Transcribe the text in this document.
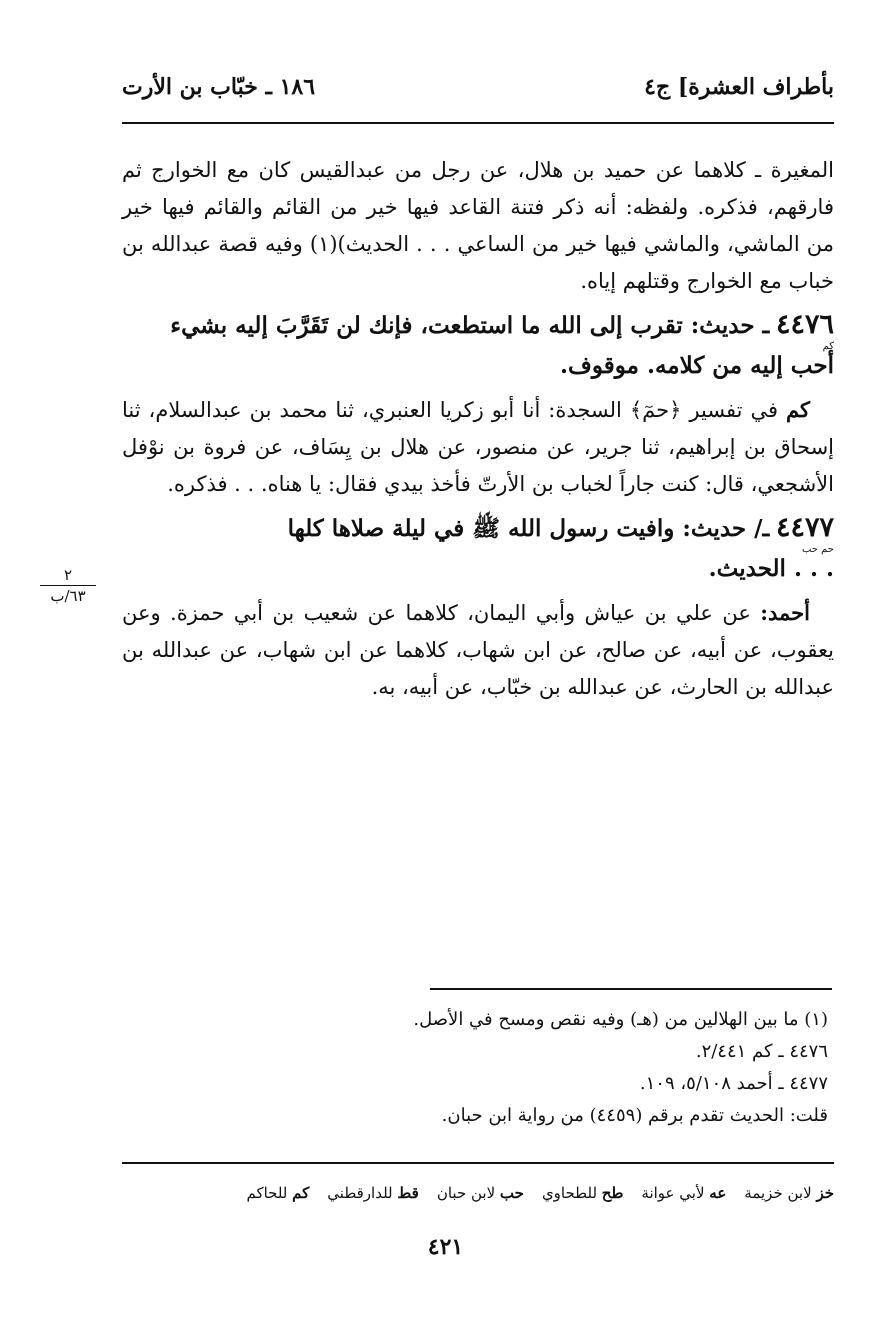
بأطراف العشرة] ج٤
١٨٦ ـ خبّاب بن الأرت

المغيرة ـ كلاهما عن حميد بن هلال، عن رجل من عبدالقيس كان مع الخوارج ثم فارقهم، فذكره. ولفظه: أنه ذكر فتنة القاعد فيها خير من القائم والقائم فيها خير من الماشي، والماشي فيها خير من الساعي . . . الحديث)(١) وفيه قصة عبدالله بن خباب مع الخوارج وقتلهم إياه.

٤٤٧٦ ـ حديث: تقرب إلى الله ما استطعت، فإنك لن تَقَرَّبَ إليه بشيء
كم
أحب إليه من كلامه. موقوف.

كم في تفسير ﴿حمٓ﴾ السجدة: أنا أبو زكريا العنبري، ثنا محمد بن عبدالسلام، ثنا إسحاق بن إبراهيم، ثنا جرير، عن منصور، عن هلال بن يِسَاف، عن فروة بن نوْفل الأشجعي، قال: كنت جاراً لخباب بن الأرتّ فأخذ بيدي فقال: يا هناه. . . فذكره.

٤٤٧٧ ـ/ حديث: وافيت رسول الله ﷺ في ليلة صلاها كلها
حم حب
. . . الحديث.

أحمد: عن علي بن عياش وأبي اليمان، كلاهما عن شعيب بن أبي حمزة. وعن يعقوب، عن أبيه، عن صالح، عن ابن شهاب، كلاهما عن ابن شهاب، عن عبدالله بن عبدالله بن الحارث، عن عبدالله بن خبّاب، عن أبيه، به.

٢
٦٣/ب
(١) ما بين الهلالين من (هـ) وفيه نقص ومسح في الأصل.
٤٤٧٦ ـ كم ٢/٤٤١.
٤٤٧٧ ـ أحمد ٥/١٠٨، ١٠٩.
قلت: الحديث تقدم برقم (٤٤٥٩) من رواية ابن حبان.
خز لابن خزيمة
عه لأبي عوانة
طح للطحاوي
حب لابن حبان
قط للدارقطني
كم للحاكم
٤٢١
